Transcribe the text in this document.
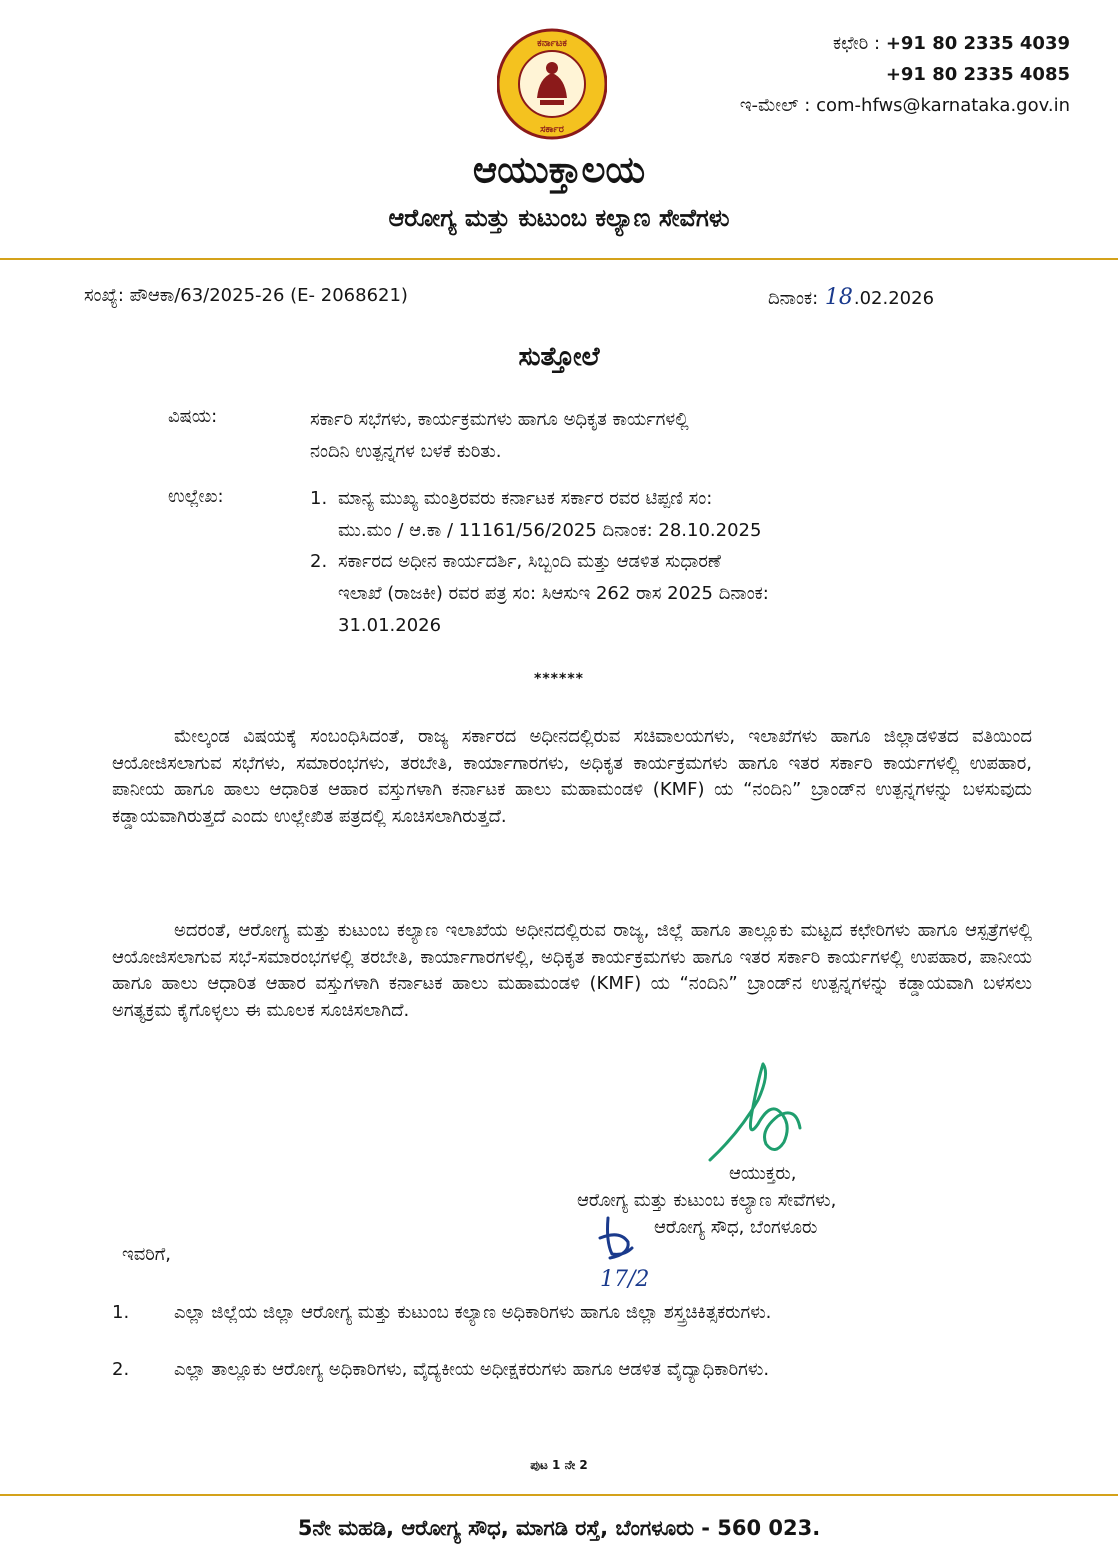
ಕರ್ನಾಟಕ
ಸರ್ಕಾರ
ಕಛೇರಿ : +91 80 2335 4039
+91 80 2335 4085
ಇ-ಮೇಲ್ : com-hfws@karnataka.gov.in
ಆಯುಕ್ತಾಲಯ
ಆರೋಗ್ಯ ಮತ್ತು ಕುಟುಂಬ ಕಲ್ಯಾಣ ಸೇವೆಗಳು
ಸಂಖ್ಯೆ: ಪೌಆಕಾ/63/2025-26 (E- 2068621)	ದಿನಾಂಕ: 18.02.2026
ಸುತ್ತೋಲೆ
ವಿಷಯ:	ಸರ್ಕಾರಿ ಸಭೆಗಳು, ಕಾರ್ಯಕ್ರಮಗಳು ಹಾಗೂ ಅಧಿಕೃತ ಕಾರ್ಯಗಳಲ್ಲಿ
ನಂದಿನಿ ಉತ್ಪನ್ನಗಳ ಬಳಕೆ ಕುರಿತು.
ಉಲ್ಲೇಖ:	1. ಮಾನ್ಯ ಮುಖ್ಯ ಮಂತ್ರಿರವರು ಕರ್ನಾಟಕ ಸರ್ಕಾರ ರವರ ಟಿಪ್ಪಣಿ ಸಂ:
ಮು.ಮಂ / ಆ.ಕಾ / 11161/56/2025 ದಿನಾಂಕ: 28.10.2025
2. ಸರ್ಕಾರದ ಅಧೀನ ಕಾರ್ಯದರ್ಶಿ, ಸಿಬ್ಬಂದಿ ಮತ್ತು ಆಡಳಿತ ಸುಧಾರಣೆ
ಇಲಾಖೆ (ರಾಜಕೀ) ರವರ ಪತ್ರ ಸಂ: ಸಿಆಸುಇ 262 ರಾಸ 2025 ದಿನಾಂಕ:
31.01.2026
******

ಮೇಲ್ಕಂಡ ವಿಷಯಕ್ಕೆ ಸಂಬಂಧಿಸಿದಂತೆ, ರಾಜ್ಯ ಸರ್ಕಾರದ ಅಧೀನದಲ್ಲಿರುವ ಸಚಿವಾಲಯಗಳು, ಇಲಾಖೆಗಳು ಹಾಗೂ ಜಿಲ್ಲಾಡಳಿತದ ವತಿಯಿಂದ ಆಯೋಜಿಸಲಾಗುವ ಸಭೆಗಳು, ಸಮಾರಂಭಗಳು, ತರಬೇತಿ, ಕಾರ್ಯಾಗಾರಗಳು, ಅಧಿಕೃತ ಕಾರ್ಯಕ್ರಮಗಳು ಹಾಗೂ ಇತರ ಸರ್ಕಾರಿ ಕಾರ್ಯಗಳಲ್ಲಿ ಉಪಹಾರ, ಪಾನೀಯ ಹಾಗೂ ಹಾಲು ಆಧಾರಿತ ಆಹಾರ ವಸ್ತುಗಳಾಗಿ ಕರ್ನಾಟಕ ಹಾಲು ಮಹಾಮಂಡಳಿ (KMF) ಯ “ನಂದಿನಿ” ಬ್ರಾಂಡ್‌ನ ಉತ್ಪನ್ನಗಳನ್ನು ಬಳಸುವುದು ಕಡ್ಡಾಯವಾಗಿರುತ್ತದೆ ಎಂದು ಉಲ್ಲೇಖಿತ ಪತ್ರದಲ್ಲಿ ಸೂಚಿಸಲಾಗಿರುತ್ತದೆ.

ಅದರಂತೆ, ಆರೋಗ್ಯ ಮತ್ತು ಕುಟುಂಬ ಕಲ್ಯಾಣ ಇಲಾಖೆಯ ಅಧೀನದಲ್ಲಿರುವ ರಾಜ್ಯ, ಜಿಲ್ಲೆ ಹಾಗೂ ತಾಲ್ಲೂಕು ಮಟ್ಟದ ಕಛೇರಿಗಳು ಹಾಗೂ ಆಸ್ಪತ್ರೆಗಳಲ್ಲಿ ಆಯೋಜಿಸಲಾಗುವ ಸಭೆ-ಸಮಾರಂಭಗಳಲ್ಲಿ ತರಬೇತಿ, ಕಾರ್ಯಾಗಾರಗಳಲ್ಲಿ, ಅಧಿಕೃತ ಕಾರ್ಯಕ್ರಮಗಳು ಹಾಗೂ ಇತರ ಸರ್ಕಾರಿ ಕಾರ್ಯಗಳಲ್ಲಿ ಉಪಹಾರ, ಪಾನೀಯ ಹಾಗೂ ಹಾಲು ಆಧಾರಿತ ಆಹಾರ ವಸ್ತುಗಳಾಗಿ ಕರ್ನಾಟಕ ಹಾಲು ಮಹಾಮಂಡಳಿ (KMF) ಯ “ನಂದಿನಿ” ಬ್ರಾಂಡ್‌ನ ಉತ್ಪನ್ನಗಳನ್ನು ಕಡ್ಡಾಯವಾಗಿ ಬಳಸಲು ಅಗತ್ಯಕ್ರಮ ಕೈಗೊಳ್ಳಲು ಈ ಮೂಲಕ ಸೂಚಿಸಲಾಗಿದೆ.

ಆಯುಕ್ತರು,
ಆರೋಗ್ಯ ಮತ್ತು ಕುಟುಂಬ ಕಲ್ಯಾಣ ಸೇವೆಗಳು,
ಆರೋಗ್ಯ ಸೌಧ, ಬೆಂಗಳೂರು
17/2
ಇವರಿಗೆ,
1. ಎಲ್ಲಾ ಜಿಲ್ಲೆಯ ಜಿಲ್ಲಾ ಆರೋಗ್ಯ ಮತ್ತು ಕುಟುಂಬ ಕಲ್ಯಾಣ ಅಧಿಕಾರಿಗಳು ಹಾಗೂ ಜಿಲ್ಲಾ ಶಸ್ತ್ರಚಿಕಿತ್ಸಕರುಗಳು.
2. ಎಲ್ಲಾ ತಾಲ್ಲೂಕು ಆರೋಗ್ಯ ಅಧಿಕಾರಿಗಳು, ವೈದ್ಯಕೀಯ ಅಧೀಕ್ಷಕರುಗಳು ಹಾಗೂ ಆಡಳಿತ ವೈದ್ಯಾಧಿಕಾರಿಗಳು.
ಪುಟ 1 ನೇ 2
5ನೇ ಮಹಡಿ, ಆರೋಗ್ಯ ಸೌಧ, ಮಾಗಡಿ ರಸ್ತೆ, ಬೆಂಗಳೂರು - 560 023.
